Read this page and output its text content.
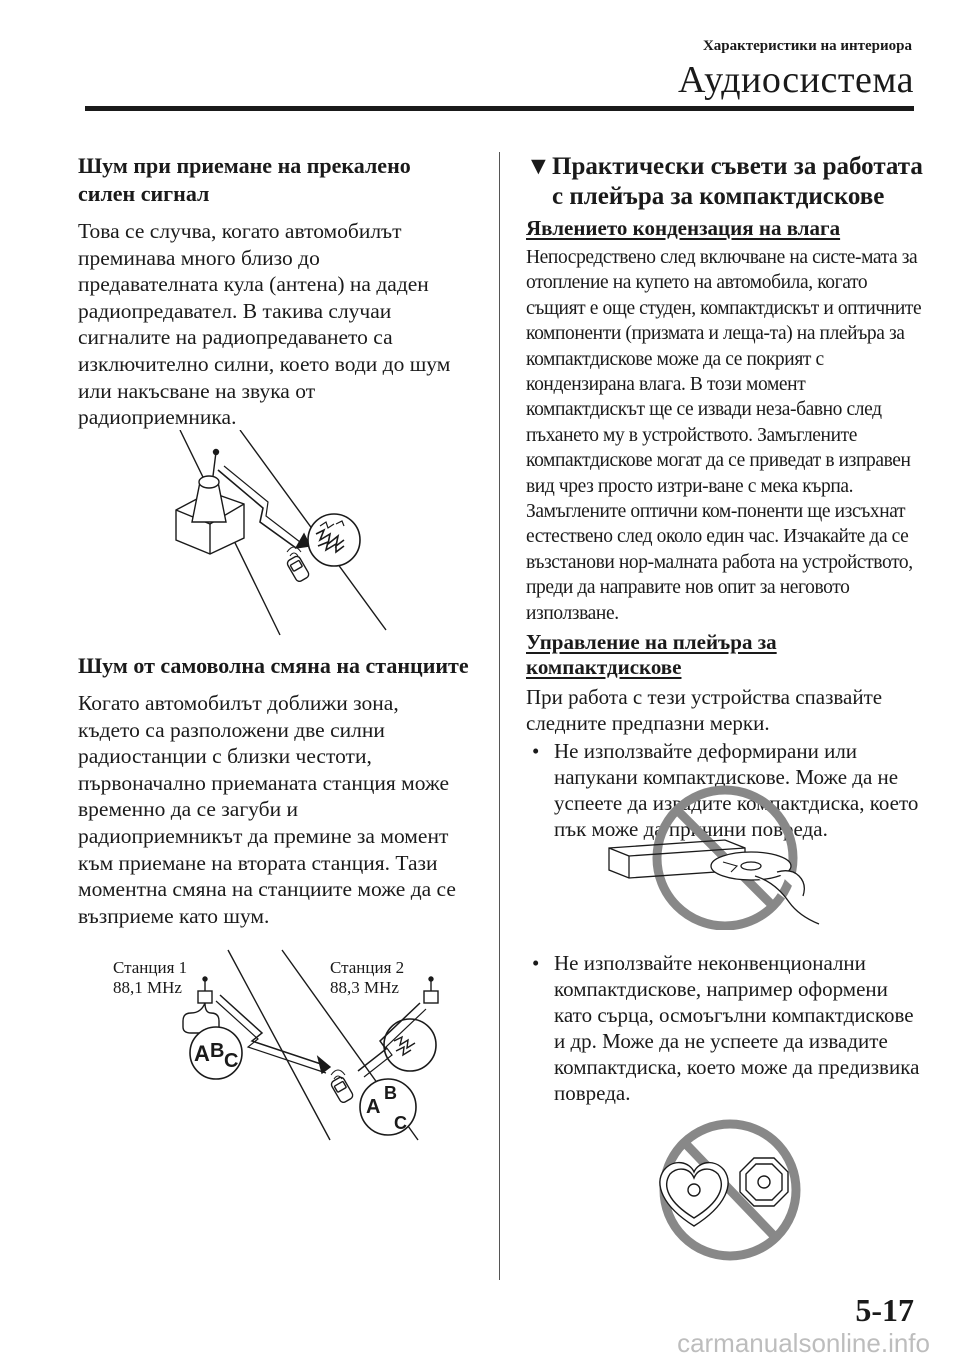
Характеристики на интериора
Аудиосистема
Шум при приемане на прекалено силен сигнал
Това се случва, когато автомобилът преминава много близо до предавателната кула (антена) на даден радиопредавател. В такива случаи сигналите на радиопредаването са изключително силни, което води до шум или накъсване на звука от радиоприемника.
Шум от самоволна смяна на станциите
Когато автомобилът доближи зона, където са разположени две силни радиостанции с близки честоти, първоначално приеманата станция може временно да се загуби и радиоприемникът да премине за момент към приемане на втората станция. Тази моментна смяна на станциите може да се възприеме като шум.
Станция 1
88,1 MHz
Станция 2
88,3 MHz
A B C
A
B
C
▼ Практически съвети за работата с плейъра за компактдискове
Явлението кондензация на влага
Непосредствено след включване на систе-мата за отопление на купето на автомобила, когато същият е още студен, компактдискът и оптичните компоненти (призмата и леща-та) на плейъра за компактдискове може да се покрият с кондензирана влага. В този момент компактдискът ще се извади неза-бавно след пъхането му в устройството. Замъглените компактдискове могат да се приведат в изправен вид чрез просто изтри-ване с мека кърпа. Замъглените оптични ком-поненти ще изсъхнат естествено след около един час. Изчакайте да се възстанови нор-малната работа на устройството, преди да направите нов опит за неговото използване.
Управление на плейъра за компактдискове
При работа с тези устройства спазвайте следните предпазни мерки.
• Не използвайте деформирани или напукани компактдискове. Може да не успеете да извадите компактдиска, което пък може да причини повреда.
• Не използвайте неконвенционални компактдискове, например оформени като сърца, осмоъгълни компактдискове и др. Може да не успеете да извадите компактдиска, което може да предизвика повреда.
5-17
carmanualsonline.info
